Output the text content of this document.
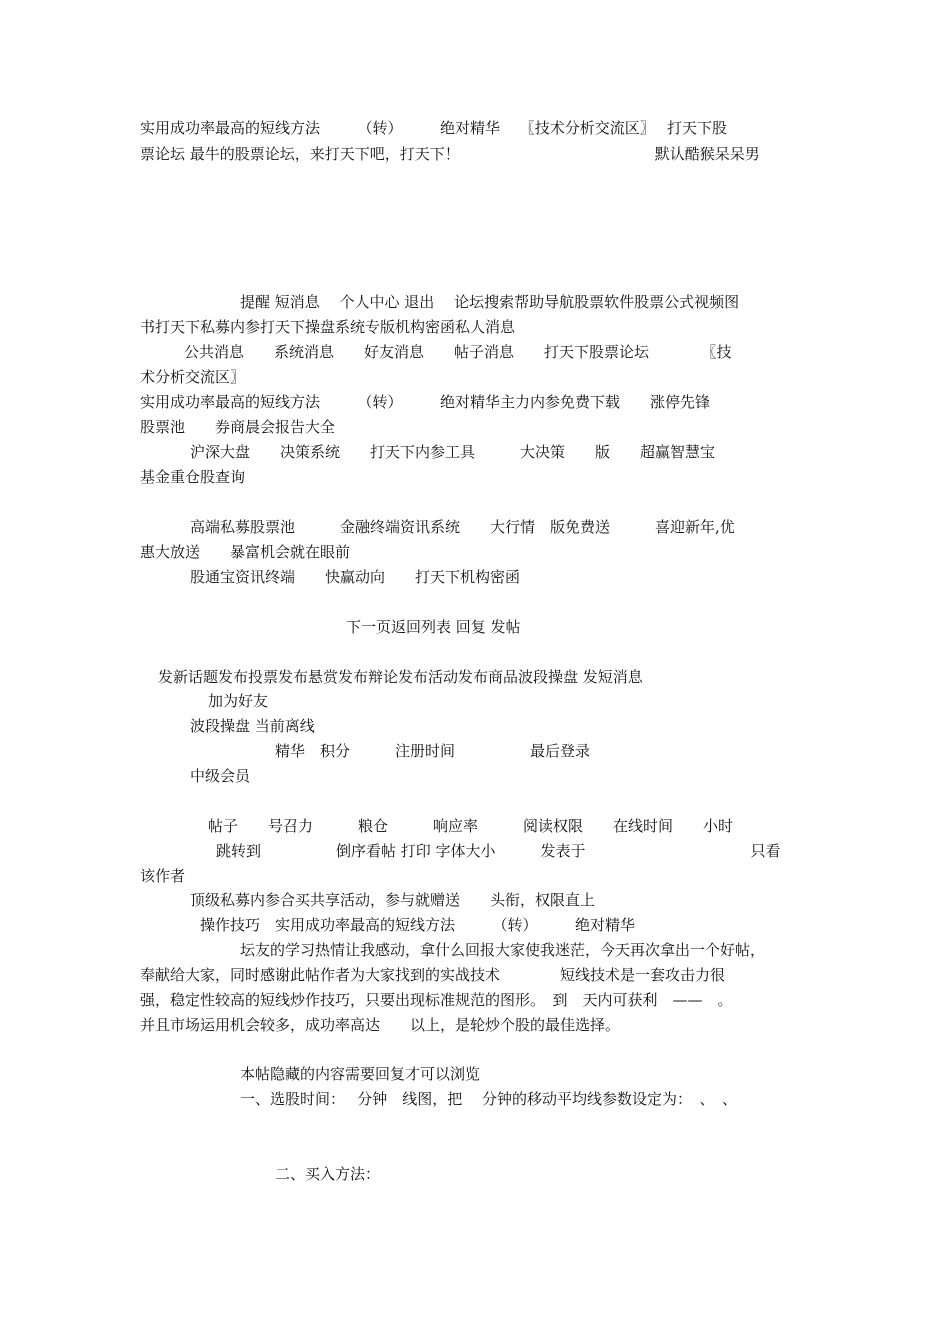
实用成功率最高的短线方法　　　（转）　　　绝对精华　 〖技术分析交流区〗　 打天下股
票论坛 最牛的股票论坛，来打天下吧，打天下！　　　　　　　　　　　　　默认酷猴呆呆男
提醒 短消息　 个人中心 退出　 论坛搜索帮助导航股票软件股票公式视频图
书打天下私募内参打天下操盘系统专版机构密函私人消息
公共消息　　系统消息　　好友消息　　帖子消息　　打天下股票论坛　　　　〖技
术分析交流区〗
实用成功率最高的短线方法　　　（转）　　　绝对精华主力内参免费下载　　涨停先锋
股票池　　券商晨会报告大全
沪深大盘　　决策系统　　打天下内参工具　　　大决策　　版　　超赢智慧宝
基金重仓股查询
高端私募股票池　　　金融终端资讯系统　　大行情　版免费送　　　喜迎新年,优
惠大放送　　暴富机会就在眼前
股通宝资讯终端　　快赢动向　　打天下机构密函
下一页返回列表 回复 发帖
发新话题发布投票发布悬赏发布辩论发布活动发布商品波段操盘 发短消息
加为好友
波段操盘 当前离线
精华　积分　　　注册时间　　　　　最后登录
中级会员
帖子　　号召力　　　粮仓　　　响应率　　　阅读权限　　在线时间　　小时
跳转到　　　　　倒序看帖 打印 字体大小　　　发表于　　　　　　　　　　　只看
该作者
顶级私募内参合买共享活动，参与就赠送　　头衔，权限直上
操作技巧　实用成功率最高的短线方法　　　（转）　　　绝对精华
坛友的学习热情让我感动，拿什么回报大家使我迷茫，今天再次拿出一个好帖，
奉献给大家，同时感谢此帖作者为大家找到的实战技术　　　　短线技术是一套攻击力很
强，稳定性较高的短线炒作技巧，只要出现标准规范的图形。　到　天内可获利　——　。
并且市场运用机会较多，成功率高达　　以上，是轮炒个股的最佳选择。
本帖隐藏的内容需要回复才可以浏览
一、选股时间：　 分钟　线图，把　 分钟的移动平均线参数设定为：　、　、
二、买入方法：
